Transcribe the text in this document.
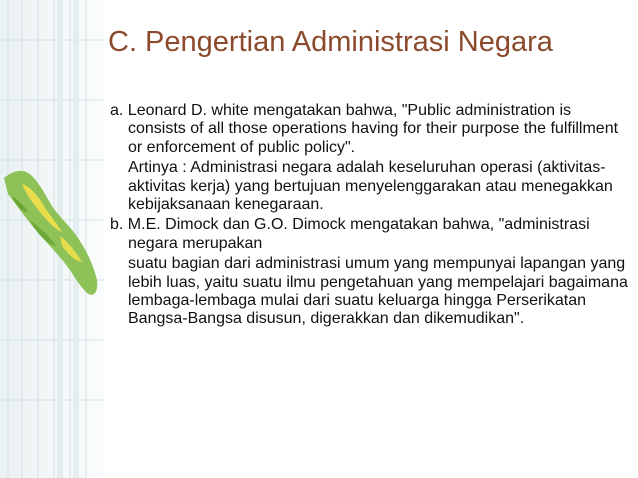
C. Pengertian Administrasi Negara

a. Leonard D. white mengatakan bahwa, "Public administration is consists of all those operations having for their purpose the fulfillment or enforcement of public policy".

Artinya : Administrasi negara adalah keseluruhan operasi (aktivitas-aktivitas kerja) yang bertujuan menyelenggarakan atau menegakkan kebijaksanaan kenegaraan.

b. M.E. Dimock dan G.O. Dimock mengatakan bahwa, "administrasi negara merupakan

suatu bagian dari administrasi umum yang mempunyai lapangan yang lebih luas, yaitu suatu ilmu pengetahuan yang mempelajari bagaimana lembaga-lembaga mulai dari suatu keluarga hingga Perserikatan Bangsa-Bangsa disusun, digerakkan dan dikemudikan".
